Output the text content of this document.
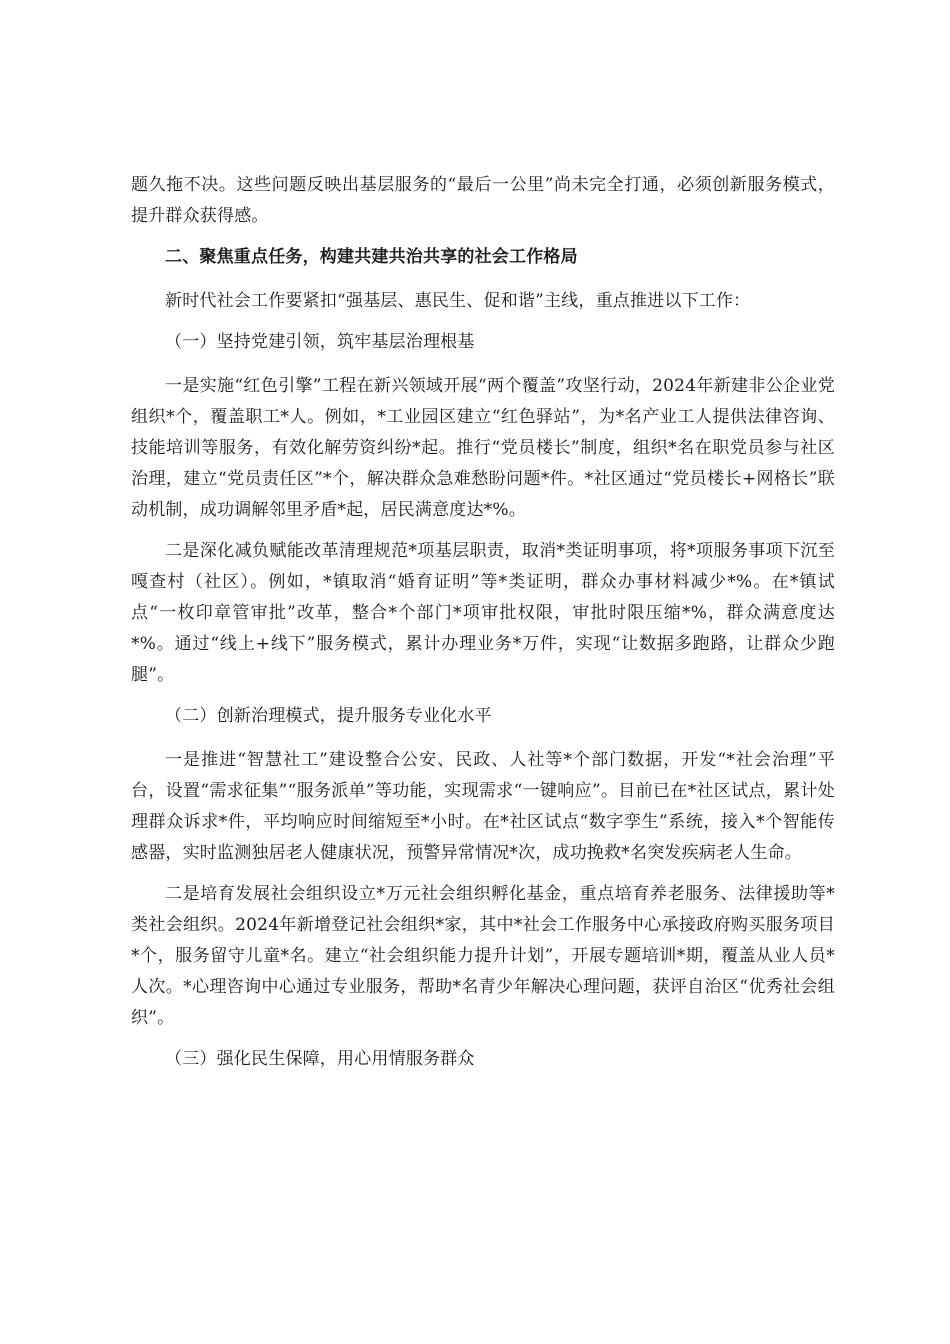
题久拖不决。这些问题反映出基层服务的“最后一公里”尚未完全打通，必须创新服务模式，提升群众获得感。

二、聚焦重点任务，构建共建共治共享的社会工作格局

新时代社会工作要紧扣“强基层、惠民生、促和谐”主线，重点推进以下工作：

（一）坚持党建引领，筑牢基层治理根基

一是实施“红色引擎”工程在新兴领域开展“两个覆盖”攻坚行动，2024年新建非公企业党组织*个，覆盖职工*人。例如，*工业园区建立“红色驿站”，为*名产业工人提供法律咨询、技能培训等服务，有效化解劳资纠纷*起。推行“党员楼长”制度，组织*名在职党员参与社区治理，建立“党员责任区”*个，解决群众急难愁盼问题*件。*社区通过“党员楼长+网格长”联动机制，成功调解邻里矛盾*起，居民满意度达*%。

二是深化减负赋能改革清理规范*项基层职责，取消*类证明事项，将*项服务事项下沉至嘎查村（社区）。例如，*镇取消“婚育证明”等*类证明，群众办事材料减少*%。在*镇试点“一枚印章管审批”改革，整合*个部门*项审批权限，审批时限压缩*%，群众满意度达*%。通过“线上+线下”服务模式，累计办理业务*万件，实现“让数据多跑路，让群众少跑腿”。

（二）创新治理模式，提升服务专业化水平

一是推进“智慧社工”建设整合公安、民政、人社等*个部门数据，开发“*社会治理”平台，设置“需求征集”“服务派单”等功能，实现需求“一键响应”。目前已在*社区试点，累计处理群众诉求*件，平均响应时间缩短至*小时。在*社区试点“数字孪生”系统，接入*个智能传感器，实时监测独居老人健康状况，预警异常情况*次，成功挽救*名突发疾病老人生命。

二是培育发展社会组织设立*万元社会组织孵化基金，重点培育养老服务、法律援助等*类社会组织。2024年新增登记社会组织*家，其中*社会工作服务中心承接政府购买服务项目*个，服务留守儿童*名。建立“社会组织能力提升计划”，开展专题培训*期，覆盖从业人员*人次。*心理咨询中心通过专业服务，帮助*名青少年解决心理问题，获评自治区“优秀社会组织”。

（三）强化民生保障，用心用情服务群众
